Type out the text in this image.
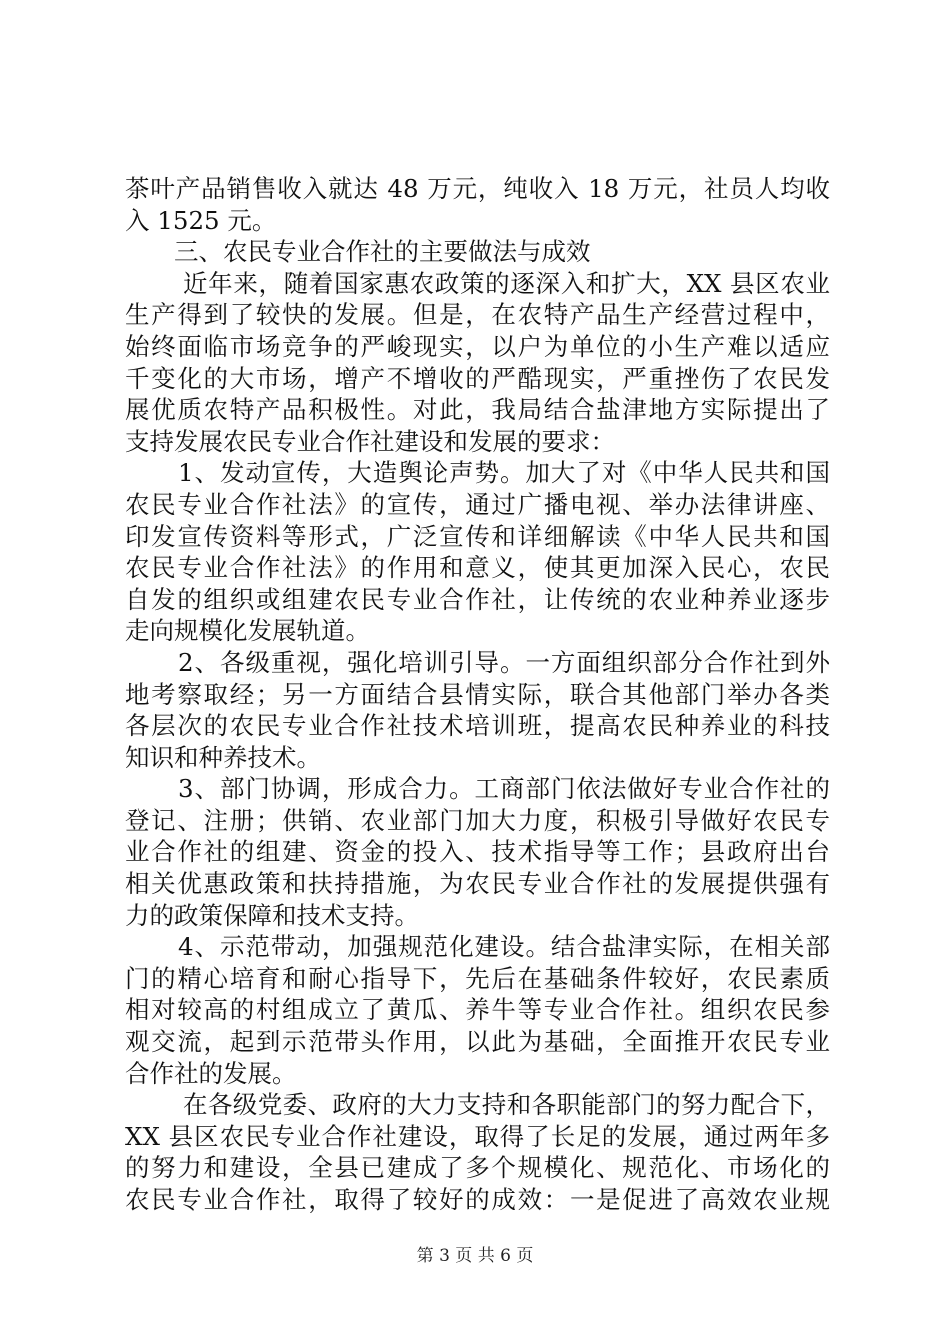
茶叶产品销售收入就达 48 万元，纯收入 18 万元，社员人均收
入 1525 元。
三、农民专业合作社的主要做法与成效
近年来，随着国家惠农政策的逐深入和扩大，XX 县区农业
生产得到了较快的发展。但是，在农特产品生产经营过程中，
始终面临市场竞争的严峻现实，以户为单位的小生产难以适应
千变化的大市场，增产不增收的严酷现实，严重挫伤了农民发
展优质农特产品积极性。对此，我局结合盐津地方实际提出了
支持发展农民专业合作社建设和发展的要求：
1、发动宣传，大造舆论声势。加大了对《中华人民共和国
农民专业合作社法》的宣传，通过广播电视、举办法律讲座、
印发宣传资料等形式，广泛宣传和详细解读《中华人民共和国
农民专业合作社法》的作用和意义，使其更加深入民心，农民
自发的组织或组建农民专业合作社，让传统的农业种养业逐步
走向规模化发展轨道。
2、各级重视，强化培训引导。一方面组织部分合作社到外
地考察取经；另一方面结合县情实际，联合其他部门举办各类
各层次的农民专业合作社技术培训班，提高农民种养业的科技
知识和种养技术。
3、部门协调，形成合力。工商部门依法做好专业合作社的
登记、注册；供销、农业部门加大力度，积极引导做好农民专
业合作社的组建、资金的投入、技术指导等工作；县政府出台
相关优惠政策和扶持措施，为农民专业合作社的发展提供强有
力的政策保障和技术支持。
4、示范带动，加强规范化建设。结合盐津实际，在相关部
门的精心培育和耐心指导下，先后在基础条件较好，农民素质
相对较高的村组成立了黄瓜、养牛等专业合作社。组织农民参
观交流，起到示范带头作用，以此为基础，全面推开农民专业
合作社的发展。
在各级党委、政府的大力支持和各职能部门的努力配合下，
XX 县区农民专业合作社建设，取得了长足的发展，通过两年多
的努力和建设，全县已建成了多个规模化、规范化、市场化的
农民专业合作社，取得了较好的成效：一是促进了高效农业规
第 3 页 共 6 页
